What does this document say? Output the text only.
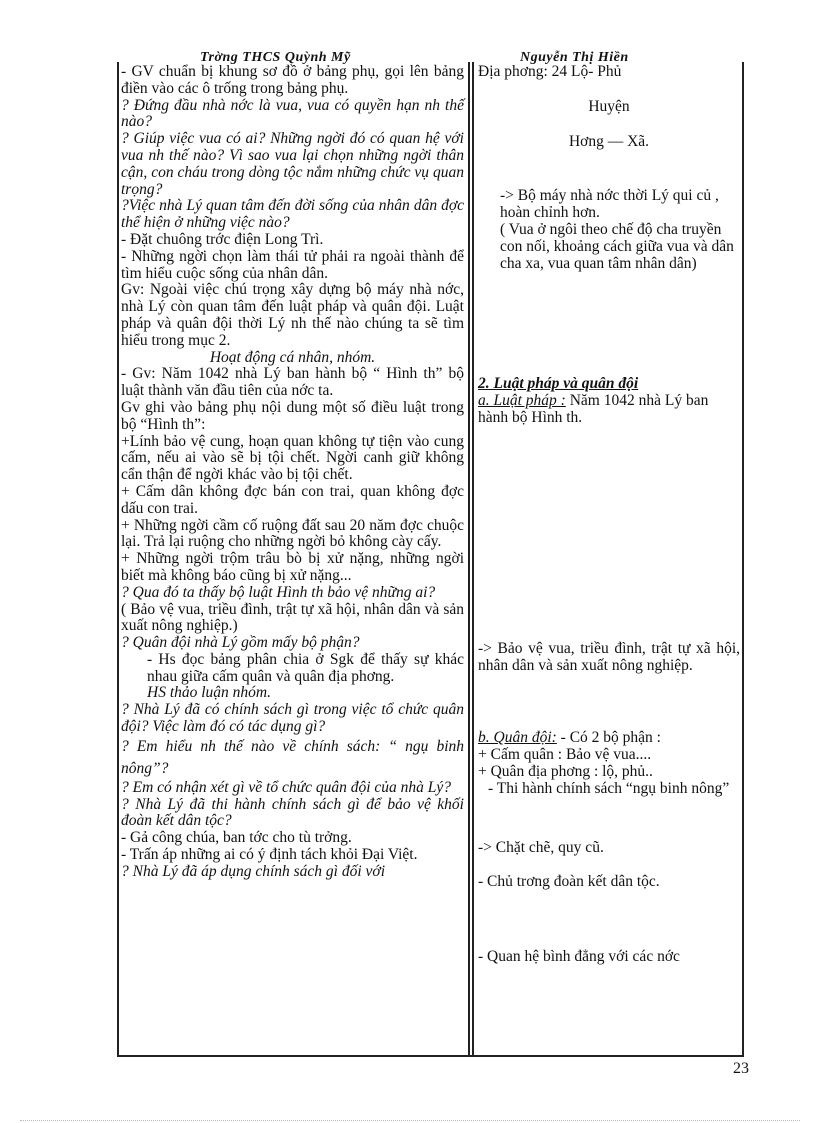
Trờng THCS Quỳnh Mỹ	Nguyễn Thị Hiền

- GV chuẩn bị khung sơ đồ ở bảng phụ, gọi lên bảng điền vào các ô trống trong bảng phụ.

? Đứng đầu nhà nớc là vua, vua có quyền hạn nh thế nào?

? Giúp việc vua có ai? Những ngời đó có quan hệ với vua nh thế nào? Vì sao vua lại chọn những ngời thân cận, con cháu trong dòng tộc nắm những chức vụ quan trọng?

?Việc nhà Lý quan tâm đến đời sống của nhân dân đợc thể hiện ở những việc nào?

- Đặt chuông trớc điện Long Trì.

- Những ngời chọn làm thái tử phải ra ngoài thành để tìm hiểu cuộc sống của nhân dân.

Gv: Ngoài việc chú trọng xây dựng bộ máy nhà nớc, nhà Lý còn quan tâm đến luật pháp và quân đội. Luật pháp và quân đội thời Lý nh thế nào chúng ta sẽ tìm hiểu trong mục 2.

Hoạt động cá nhân, nhóm.

- Gv: Năm 1042 nhà Lý ban hành bộ “ Hình th” bộ luật thành văn đầu tiên của nớc ta.

Gv ghi vào bảng phụ nội dung một số điều luật trong bộ “Hình th”:

+Lính bảo vệ cung, hoạn quan không tự tiện vào cung cấm, nếu ai vào sẽ bị tội chết. Ngời canh giữ không cẩn thận để ngời khác vào bị tội chết.

+ Cấm dân không đợc bán con trai, quan không đợc dấu con trai.

+ Những ngời cầm cố ruộng đất sau 20 năm đợc chuộc lại. Trả lại ruộng cho những ngời bỏ không cày cấy.

+ Những ngời trộm trâu bò bị xử nặng, những ngời biết mà không báo cũng bị xử nặng...

? Qua đó ta thấy bộ luật Hình th bảo vệ những ai?

( Bảo vệ vua, triều đình, trật tự xã hội, nhân dân và sản xuất nông nghiệp.)

? Quân đội nhà Lý gồm mấy bộ phận?

- Hs đọc bảng phân chia ở Sgk để thấy sự khác nhau giữa cấm quân và quân địa phơng.

HS thảo luận nhóm.

? Nhà Lý đã có chính sách gì trong việc tổ chức quân đội? Việc làm đó có tác dụng gì?

? Em hiểu nh thế nào về chính sách: “ ngụ binh nông”?

? Em có nhận xét gì về tổ chức quân đội của nhà Lý?

? Nhà Lý đã thi hành chính sách gì để bảo vệ khối đoàn kết dân tộc?

- Gả công chúa, ban tớc cho tù trởng.

- Trấn áp những ai có ý định tách khỏi Đại Việt.

? Nhà Lý đã áp dụng chính sách gì đối với

Địa phơng: 24 Lộ- Phủ

Huyện

Hơng — Xã.

-> Bộ máy nhà nớc thời Lý qui củ , hoàn chỉnh hơn.

( Vua ở ngôi theo chế độ cha truyền con nối, khoảng cách giữa vua và dân cha xa, vua quan tâm nhân dân)

2. Luật pháp và quân đội

a. Luật pháp : Năm 1042 nhà Lý ban hành bộ Hình th.

-> Bảo vệ vua, triều đình, trật tự xã hội, nhân dân và sản xuất nông nghiệp.

b. Quân đội: - Có 2 bộ phận :

+ Cấm quân : Bảo vệ vua....

+ Quân địa phơng : lộ, phủ..

- Thi hành chính sách “ngụ binh nông”

-> Chặt chẽ, quy cũ.

- Chủ trơng đoàn kết dân tộc.

- Quan hệ bình đẳng với các nớc

23
